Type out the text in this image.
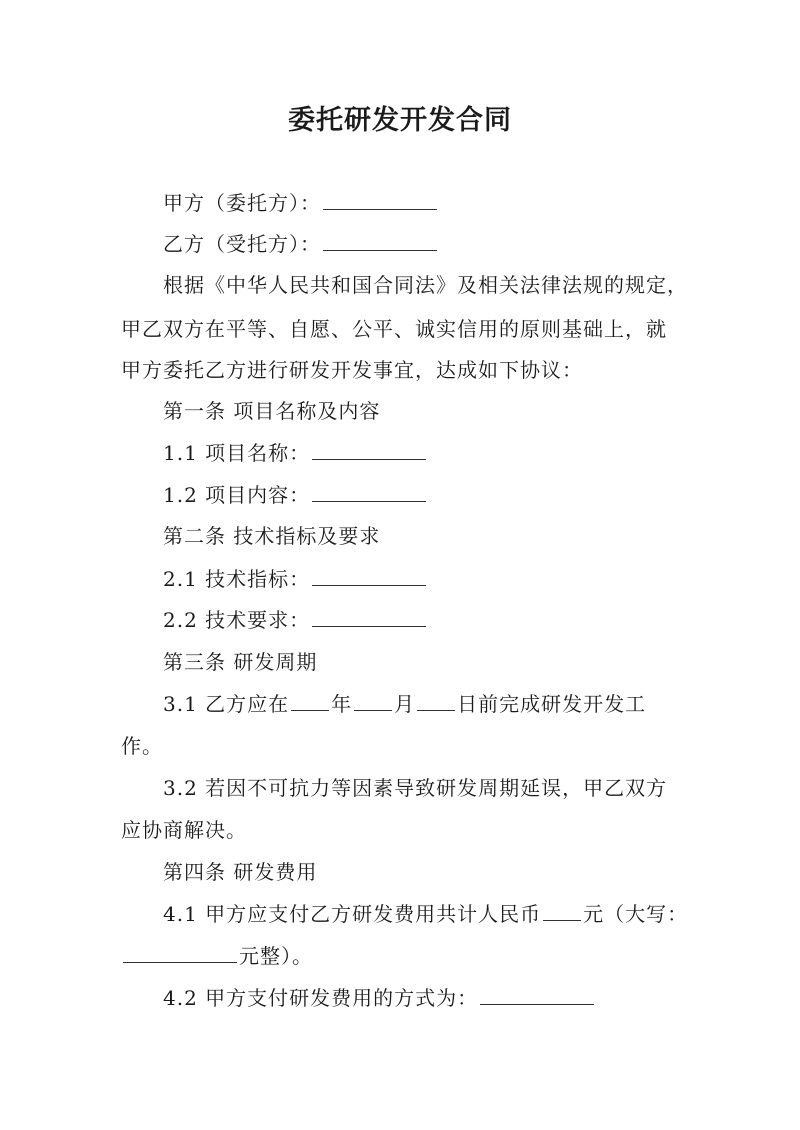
委托研发开发合同
甲方（委托方）：
乙方（受托方）：
根据《中华人民共和国合同法》及相关法律法规的规定，
甲乙双方在平等、自愿、公平、诚实信用的原则基础上，就
甲方委托乙方进行研发开发事宜，达成如下协议：
第一条 项目名称及内容
1.1 项目名称：
1.2 项目内容：
第二条 技术指标及要求
2.1 技术指标：
2.2 技术要求：
第三条 研发周期
3.1 乙方应在 年 月 日前完成研发开发工
作。
3.2 若因不可抗力等因素导致研发周期延误，甲乙双方
应协商解决。
第四条 研发费用
4.1 甲方应支付乙方研发费用共计人民币 元（大写：
元整）。
4.2 甲方支付研发费用的方式为：
